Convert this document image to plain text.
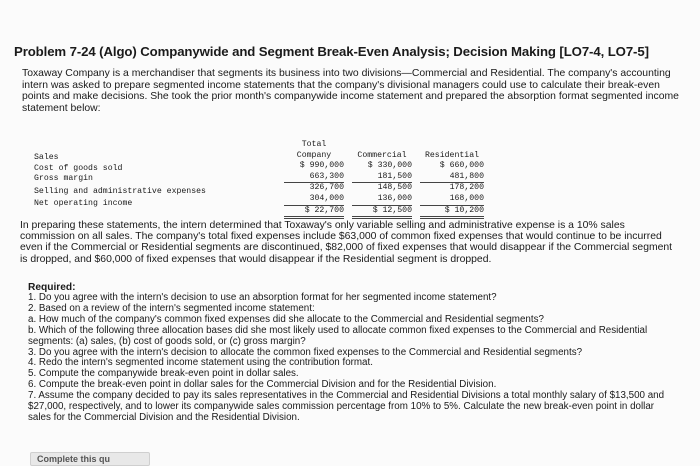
Problem 7-24 (Algo) Companywide and Segment Break-Even Analysis; Decision Making [LO7-4, LO7-5]
Toxaway Company is a merchandiser that segments its business into two divisions—Commercial and Residential. The company's accounting intern was asked to prepare segmented income statements that the company's divisional managers could use to calculate their break-even points and make decisions. She took the prior month's companywide income statement and prepared the absorption format segmented income statement below:
Sales
Cost of goods sold
Gross margin
Selling and administrative expenses
Net operating income
Total
Company
$ 990,000
663,300
326,700
304,000
$ 22,700
Commercial
$ 330,000
181,500
148,500
136,000
$ 12,500
Residential
$ 660,000
481,800
178,200
168,000
$ 10,200
In preparing these statements, the intern determined that Toxaway's only variable selling and administrative expense is a 10% sales commission on all sales. The company's total fixed expenses include $63,000 of common fixed expenses that would continue to be incurred even if the Commercial or Residential segments are discontinued, $82,000 of fixed expenses that would disappear if the Commercial segment is dropped, and $60,000 of fixed expenses that would disappear if the Residential segment is dropped.
Required:
1. Do you agree with the intern's decision to use an absorption format for her segmented income statement?
2. Based on a review of the intern's segmented income statement:
a. How much of the company's common fixed expenses did she allocate to the Commercial and Residential segments?
b. Which of the following three allocation bases did she most likely used to allocate common fixed expenses to the Commercial and Residential segments: (a) sales, (b) cost of goods sold, or (c) gross margin?
3. Do you agree with the intern's decision to allocate the common fixed expenses to the Commercial and Residential segments?
4. Redo the intern's segmented income statement using the contribution format.
5. Compute the companywide break-even point in dollar sales.
6. Compute the break-even point in dollar sales for the Commercial Division and for the Residential Division.
7. Assume the company decided to pay its sales representatives in the Commercial and Residential Divisions a total monthly salary of $13,500 and $27,000, respectively, and to lower its companywide sales commission percentage from 10% to 5%. Calculate the new break-even point in dollar sales for the Commercial Division and the Residential Division.
Complete this qu
